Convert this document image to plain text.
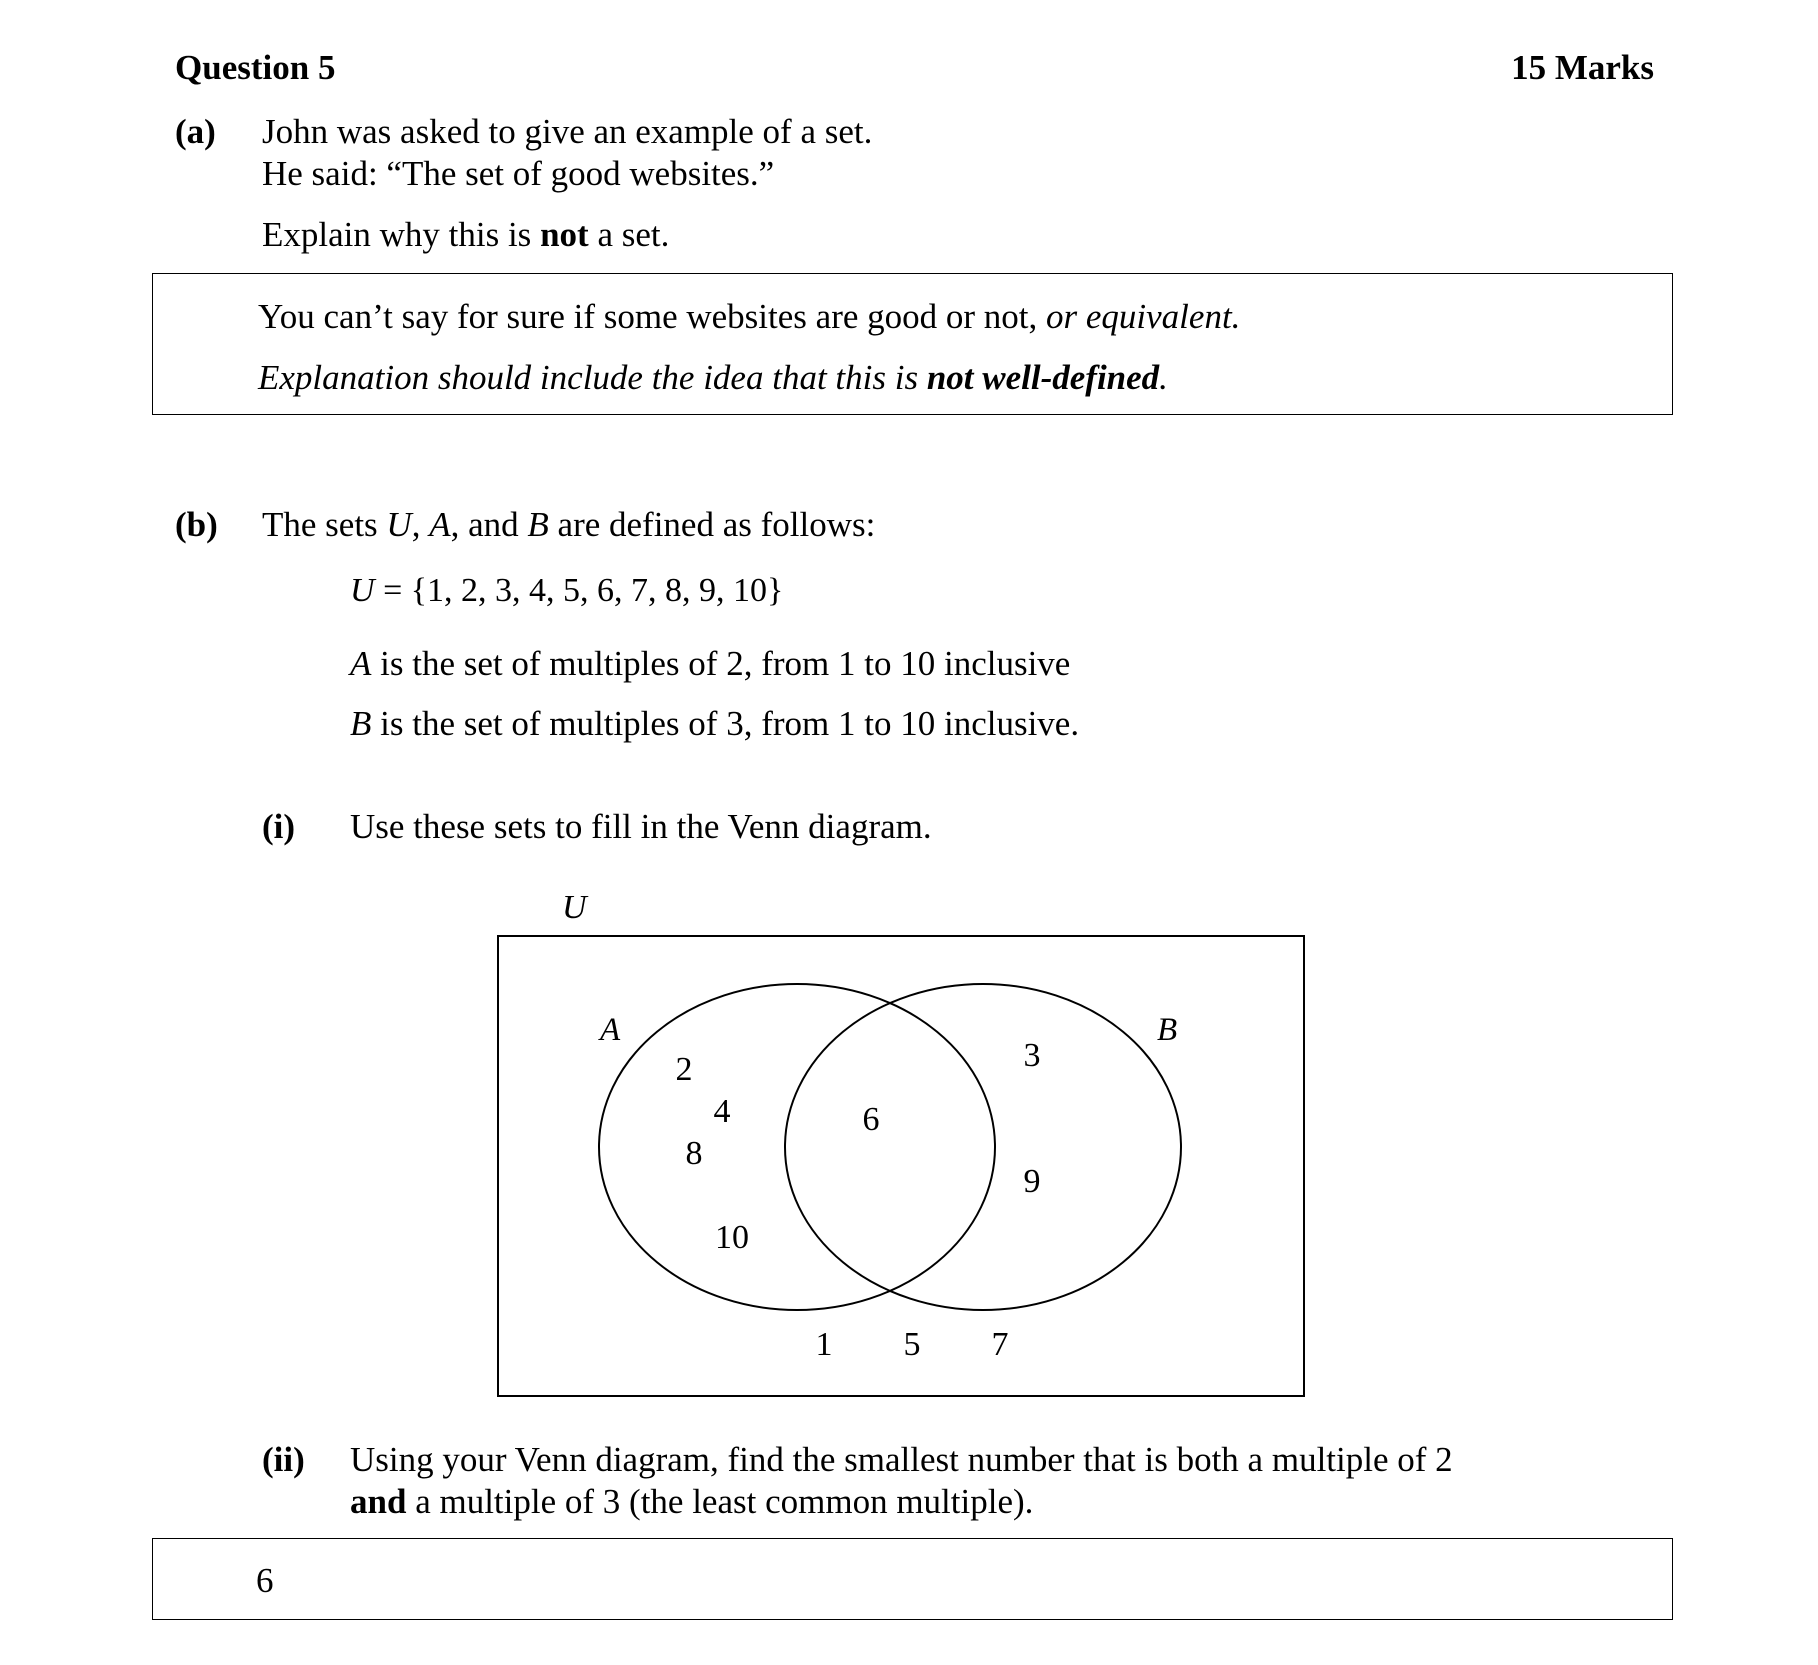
Question 5	15 Marks
(a) John was asked to give an example of a set.
He said: “The set of good websites.”
Explain why this is not a set.
You can’t say for sure if some websites are good or not, or equivalent.
Explanation should include the idea that this is not well-defined.
(b) The sets U, A, and B are defined as follows:
U = {1, 2, 3, 4, 5, 6, 7, 8, 9, 10}
A is the set of multiples of 2, from 1 to 10 inclusive
B is the set of multiples of 3, from 1 to 10 inclusive.
(i) Use these sets to fill in the Venn diagram.
U
A	B
2
4
8
10
6
3
9
1 5 7
(ii) Using your Venn diagram, find the smallest number that is both a multiple of 2
and a multiple of 3 (the least common multiple).
6
